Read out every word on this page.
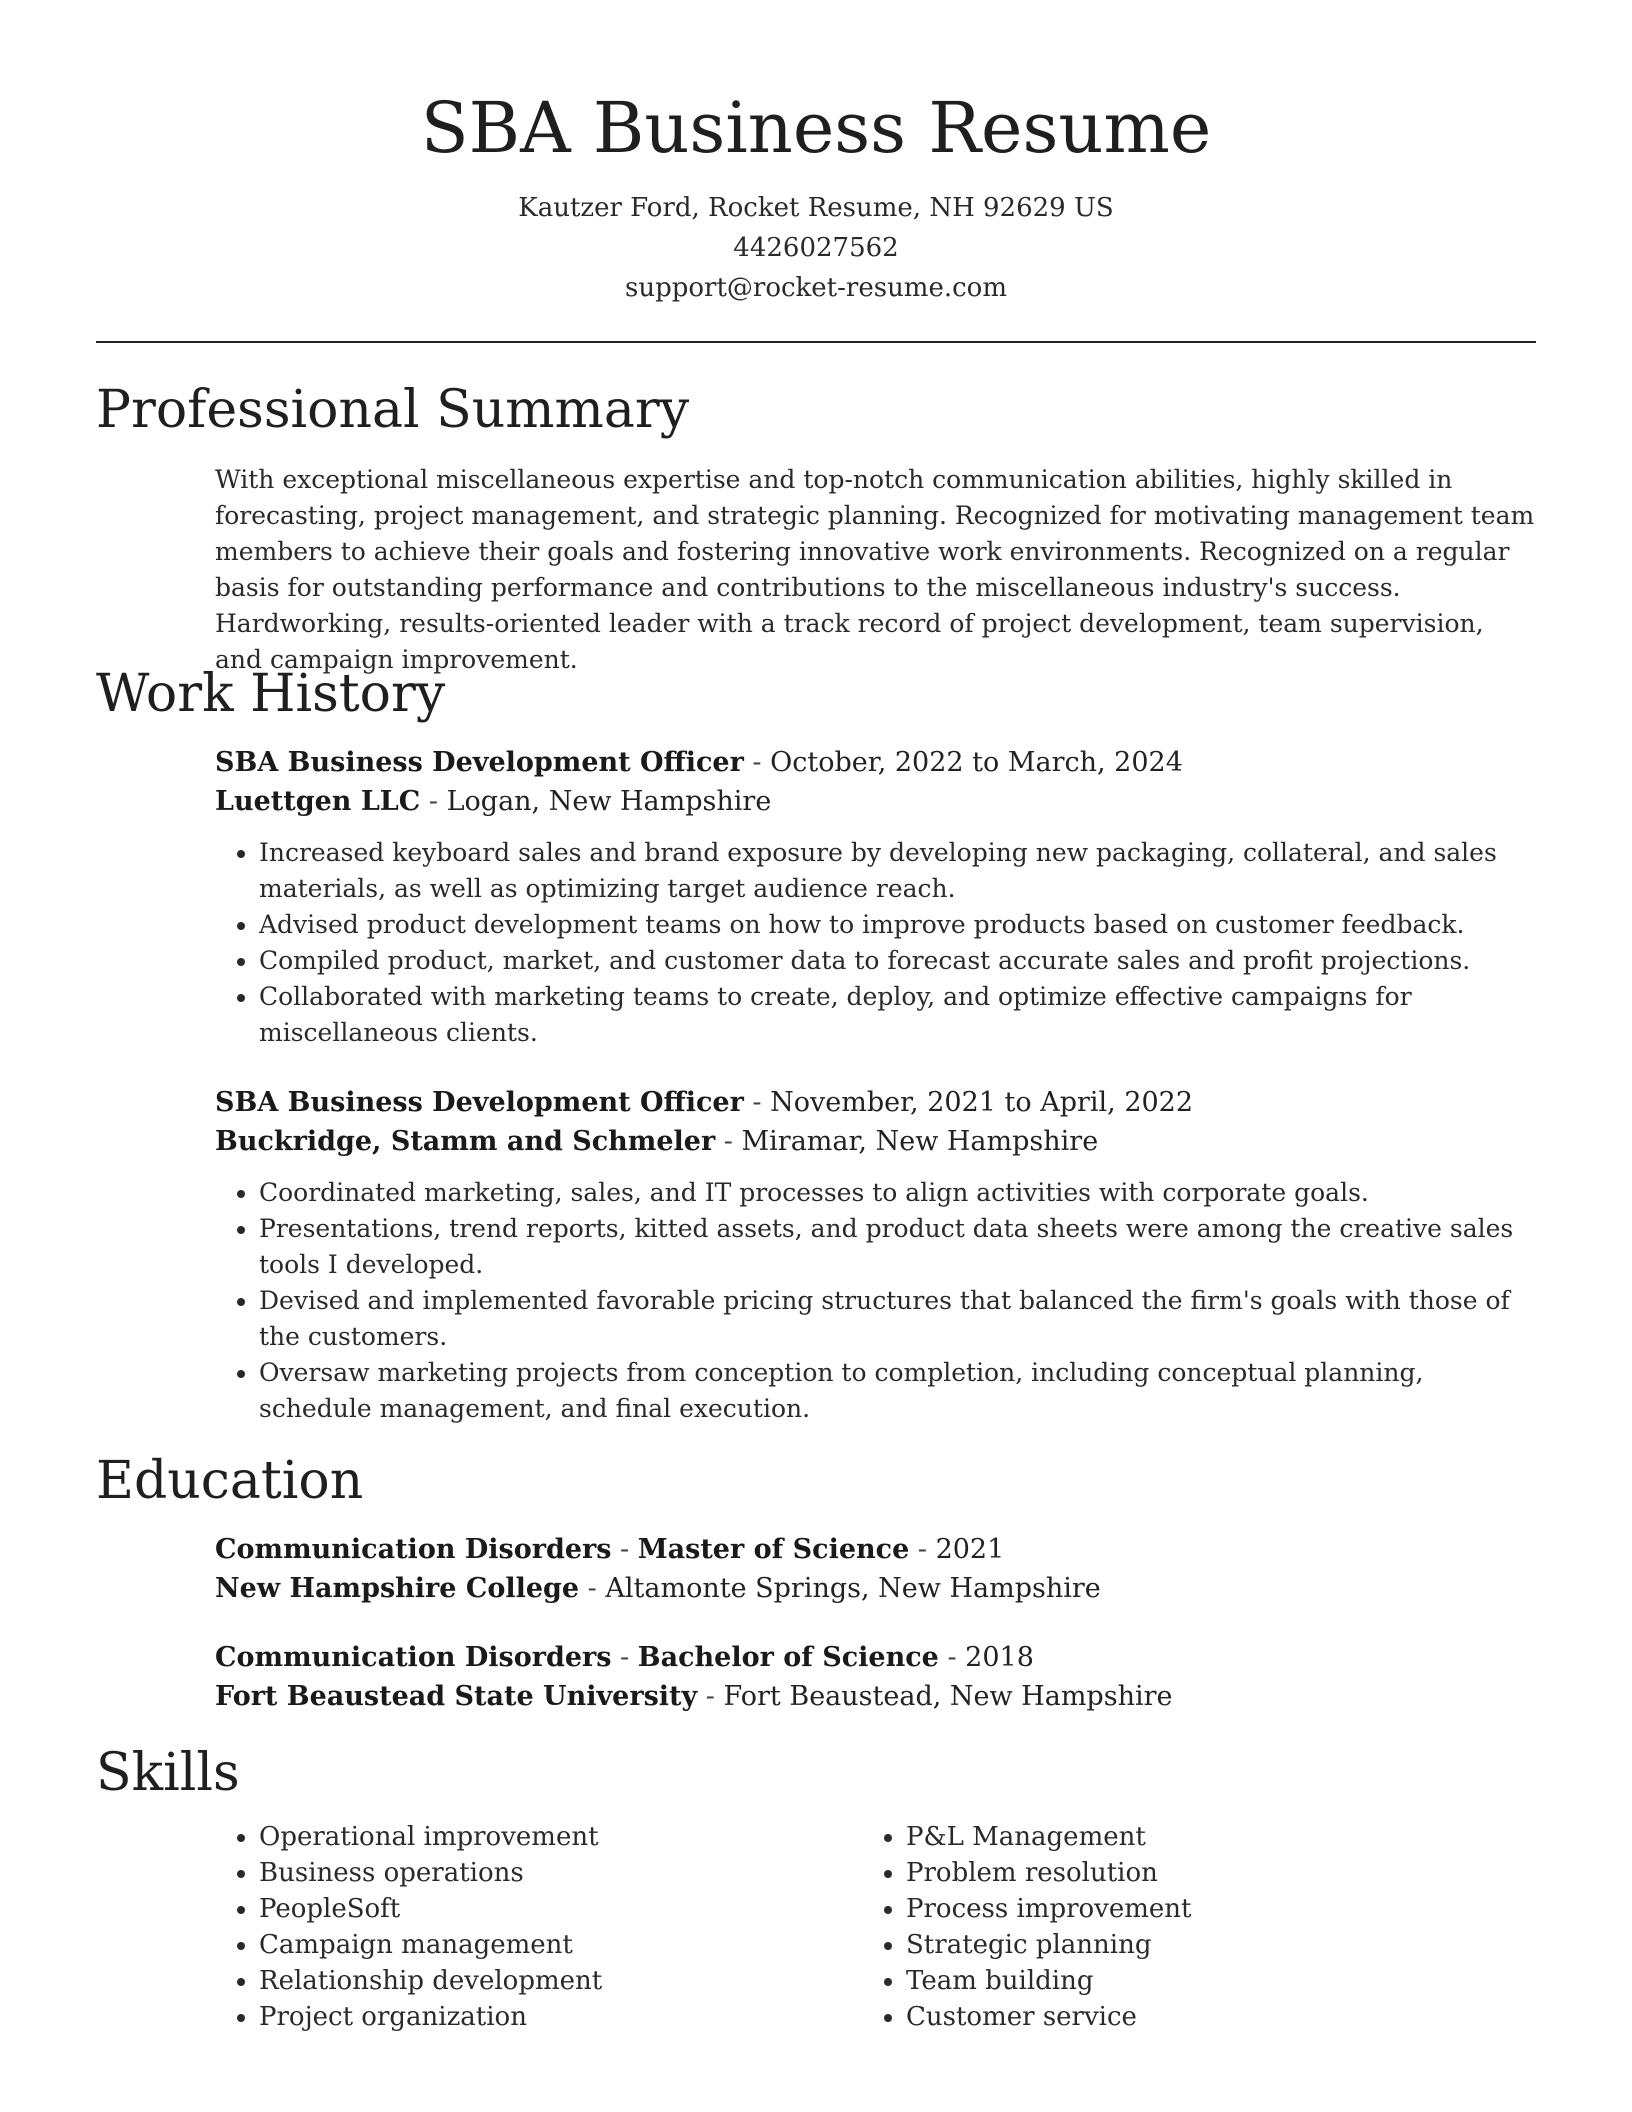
SBA Business Resume
Kautzer Ford, Rocket Resume, NH 92629 US
4426027562
support@rocket-resume.com
Professional Summary
With exceptional miscellaneous expertise and top-notch communication abilities, highly skilled in forecasting, project management, and strategic planning. Recognized for motivating management team members to achieve their goals and fostering innovative work environments. Recognized on a regular basis for outstanding performance and contributions to the miscellaneous industry's success. Hardworking, results-oriented leader with a track record of project development, team supervision, and campaign improvement.
Work History
SBA Business Development Officer - October, 2022 to March, 2024
Luettgen LLC - Logan, New Hampshire
• Increased keyboard sales and brand exposure by developing new packaging, collateral, and sales materials, as well as optimizing target audience reach.
• Advised product development teams on how to improve products based on customer feedback.
• Compiled product, market, and customer data to forecast accurate sales and profit projections.
• Collaborated with marketing teams to create, deploy, and optimize effective campaigns for miscellaneous clients.
SBA Business Development Officer - November, 2021 to April, 2022
Buckridge, Stamm and Schmeler - Miramar, New Hampshire
• Coordinated marketing, sales, and IT processes to align activities with corporate goals.
• Presentations, trend reports, kitted assets, and product data sheets were among the creative sales tools I developed.
• Devised and implemented favorable pricing structures that balanced the firm's goals with those of the customers.
• Oversaw marketing projects from conception to completion, including conceptual planning, schedule management, and final execution.
Education
Communication Disorders - Master of Science - 2021
New Hampshire College - Altamonte Springs, New Hampshire
Communication Disorders - Bachelor of Science - 2018
Fort Beaustead State University - Fort Beaustead, New Hampshire
Skills
• Operational improvement
• Business operations
• PeopleSoft
• Campaign management
• Relationship development
• Project organization
• P&L Management
• Problem resolution
• Process improvement
• Strategic planning
• Team building
• Customer service
